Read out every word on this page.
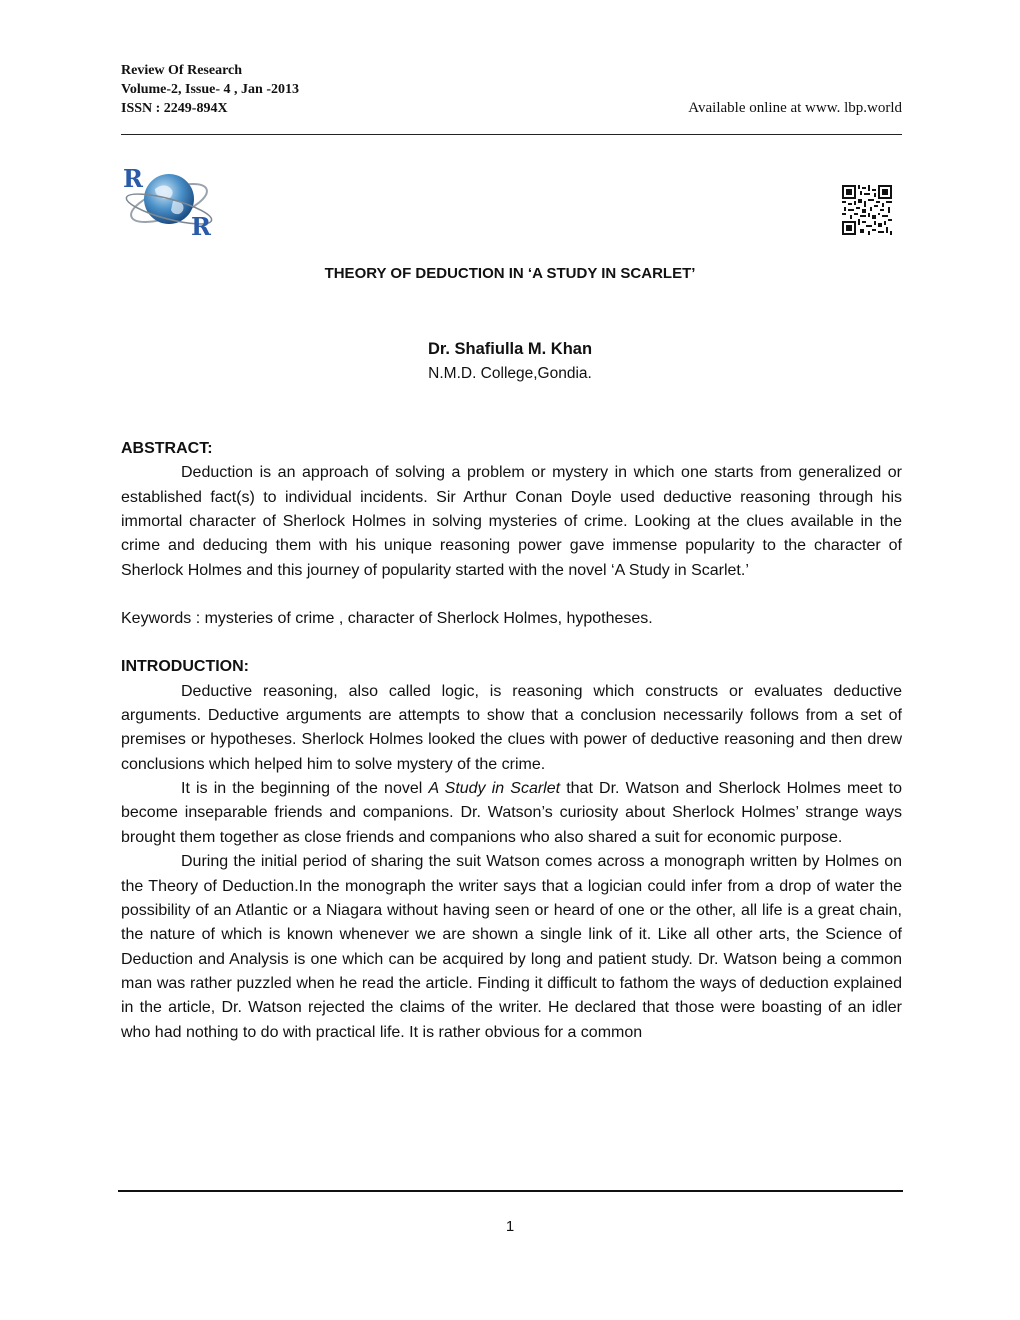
Review Of Research
Volume-2, Issue- 4 , Jan -2013
ISSN : 2249-894X	Available online at www. lbp.world
R
R
THEORY OF DEDUCTION IN ‘A STUDY IN SCARLET’
Dr. Shafiulla M. Khan
N.M.D. College,Gondia.
ABSTRACT:

Deduction is an approach of solving a problem or mystery in which one starts from generalized or established fact(s) to individual incidents. Sir Arthur Conan Doyle used deductive reasoning through his immortal character of Sherlock Holmes in solving mysteries of crime. Looking at the clues available in the crime and deducing them with his unique reasoning power gave immense popularity to the character of Sherlock Holmes and this journey of popularity started with the novel ‘A Study in Scarlet.’

Keywords : mysteries of crime , character of Sherlock Holmes, hypotheses.

INTRODUCTION:

Deductive reasoning, also called logic, is reasoning which constructs or evaluates deductive arguments. Deductive arguments are attempts to show that a conclusion necessarily follows from a set of premises or hypotheses. Sherlock Holmes looked the clues with power of deductive reasoning and then drew conclusions which helped him to solve mystery of the crime.

It is in the beginning of the novel A Study in Scarlet that Dr. Watson and Sherlock Holmes meet to become inseparable friends and companions. Dr. Watson’s curiosity about Sherlock Holmes’ strange ways brought them together as close friends and companions who also shared a suit for economic purpose.

During the initial period of sharing the suit Watson comes across a monograph written by Holmes on the Theory of Deduction.In the monograph the writer says that a logician could infer from a drop of water the possibility of an Atlantic or a Niagara without having seen or heard of one or the other, all life is a great chain, the nature of which is known whenever we are shown a single link of it. Like all other arts, the Science of Deduction and Analysis is one which can be acquired by long and patient study. Dr. Watson being a common man was rather puzzled when he read the article. Finding it difficult to fathom the ways of deduction explained in the article, Dr. Watson rejected the claims of the writer. He declared that those were boasting of an idler who had nothing to do with practical life. It is rather obvious for a common

1
